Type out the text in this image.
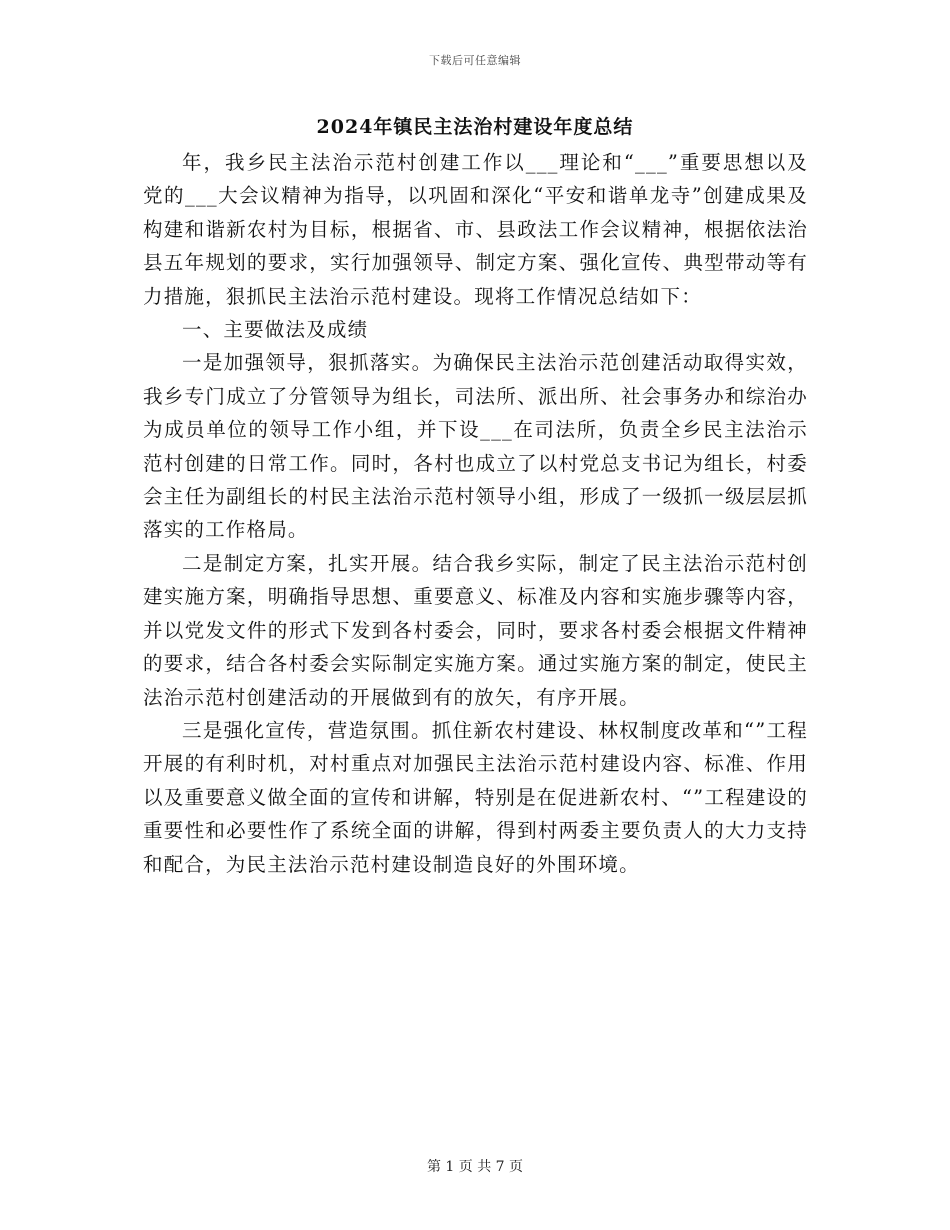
下载后可任意编辑
2024年镇民主法治村建设年度总结

年，我乡民主法治示范村创建工作以___理论和“___”重要思想以及党的___大会议精神为指导，以巩固和深化“平安和谐单龙寺”创建成果及构建和谐新农村为目标，根据省、市、县政法工作会议精神，根据依法治县五年规划的要求，实行加强领导、制定方案、强化宣传、典型带动等有力措施，狠抓民主法治示范村建设。现将工作情况总结如下：

一、主要做法及成绩

一是加强领导，狠抓落实。为确保民主法治示范创建活动取得实效，我乡专门成立了分管领导为组长，司法所、派出所、社会事务办和综治办为成员单位的领导工作小组，并下设___在司法所，负责全乡民主法治示范村创建的日常工作。同时，各村也成立了以村党总支书记为组长，村委会主任为副组长的村民主法治示范村领导小组，形成了一级抓一级层层抓落实的工作格局。

二是制定方案，扎实开展。结合我乡实际，制定了民主法治示范村创建实施方案，明确指导思想、重要意义、标准及内容和实施步骤等内容，并以党发文件的形式下发到各村委会，同时，要求各村委会根据文件精神的要求，结合各村委会实际制定实施方案。通过实施方案的制定，使民主法治示范村创建活动的开展做到有的放矢，有序开展。

三是强化宣传，营造氛围。抓住新农村建设、林权制度改革和“”工程开展的有利时机，对村重点对加强民主法治示范村建设内容、标准、作用以及重要意义做全面的宣传和讲解，特别是在促进新农村、“”工程建设的重要性和必要性作了系统全面的讲解，得到村两委主要负责人的大力支持和配合，为民主法治示范村建设制造良好的外围环境。

第 1 页 共 7 页
